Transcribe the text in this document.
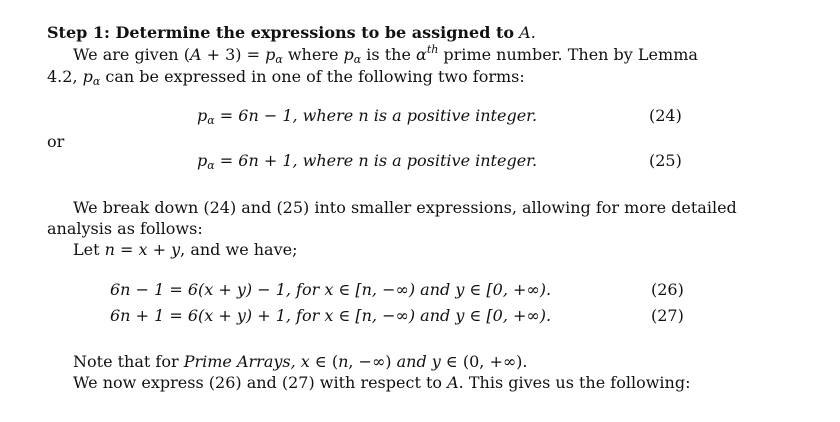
Step 1: Determine the expressions to be assigned to A.
We are given $(A + 3) = p_\alpha$ where $p_\alpha$ is the $\alpha^{th}$ prime number. Then by Lemma
4.2, $p_\alpha$ can be expressed in one of the following two forms:
$p_\alpha = 6n - 1$, where n is a positive integer.	(24)
or
$p_\alpha = 6n + 1$, where n is a positive integer.	(25)
We break down (24) and (25) into smaller expressions, allowing for more detailed
analysis as follows:
Let n = x + y, and we have;
6n − 1 = 6(x + y) − 1, for x ∈ [n, −∞) and y ∈ [0, +∞).	(26)
6n + 1 = 6(x + y) + 1, for x ∈ [n, −∞) and y ∈ [0, +∞).	(27)
Note that for Prime Arrays, x ∈ (n, −∞) and y ∈ (0, +∞).
We now express (26) and (27) with respect to A. This gives us the following:
